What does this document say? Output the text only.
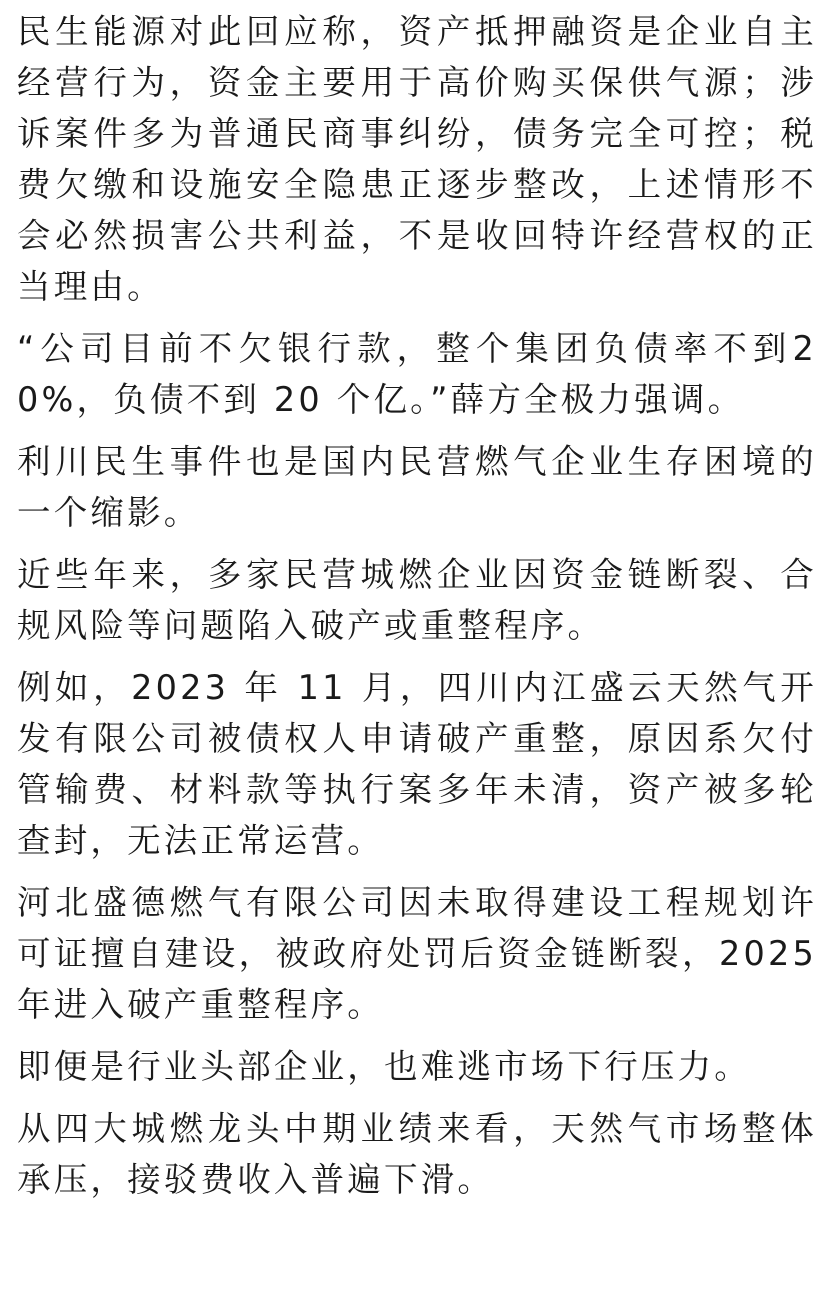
民生能源对此回应称，资产抵押融资是企业自主经营行为，资金主要用于高价购买保供气源；涉诉案件多为普通民商事纠纷，债务完全可控；税费欠缴和设施安全隐患正逐步整改，上述情形不会必然损害公共利益，不是收回特许经营权的正当理由。

“公司目前不欠银行款，整个集团负债率不到20%，负债不到 20 个亿。”薛方全极力强调。

利川民生事件也是国内民营燃气企业生存困境的一个缩影。

近些年来，多家民营城燃企业因资金链断裂、合规风险等问题陷入破产或重整程序。

例如，2023 年 11 月，四川内江盛云天然气开发有限公司被债权人申请破产重整，原因系欠付管输费、材料款等执行案多年未清，资产被多轮查封，无法正常运营。

河北盛德燃气有限公司因未取得建设工程规划许可证擅自建设，被政府处罚后资金链断裂，2025年进入破产重整程序。

即便是行业头部企业，也难逃市场下行压力。

从四大城燃龙头中期业绩来看，天然气市场整体承压，接驳费收入普遍下滑。
